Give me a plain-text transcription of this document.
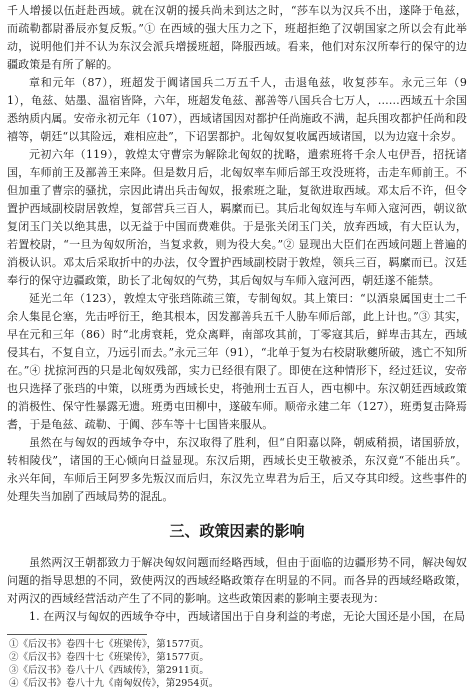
千人增援以伍赶赴西域。就在汉朝的援兵尚未到达之时，“莎车以为汉兵不出，遂降于龟兹，而疏勒都尉番辰亦复反叛。”① 在西域的强大压力之下，班超拒绝了汉朝国家之所以会有此举动，说明他们并不认为东汉会派兵增援班超，降服西域。看来，他们对东汉所奉行的保守的边疆政策是有所了解的。

章和元年（87），班超发于阗诸国兵二万五千人，击退龟兹，收复莎车。永元三年（91），龟兹、姑墨、温宿皆降，六年，班超发龟兹、鄯善等八国兵合七万人，……西域五十余国悉纳质内属。安帝永初元年（107），西域诸国因对都护任尚施政不满，起兵围攻都护任尚和段禧等，朝廷“以其险远，难相应赴”，下诏罢都护。北匈奴复收属西域诸国，以为边寇十余岁。

元初六年（119），敦煌太守曹宗为解除北匈奴的扰略，遣索班将千余人屯伊吾，招抚诸国，车师前王及鄯善王来降。但是数月后，北匈奴率车师后部王攻没班将，击走车师前王。不但加重了曹宗的骚扰，宗因此请出兵击匈奴，报索班之耻，复欲进取西域。邓太后不许，但令置护西域副校尉居敦煌，复部营兵三百人，羁縻而已。其后北匈奴连与车师入寇河西，朝议欲复闭玉门关以绝其患，以无益于中国而费难供。于是张关闭玉门关，放弃西域，有大臣认为，若置校尉，“一旦为匈奴所治，当复求救，则为役大矣。”② 显现出大臣们在西域问题上普遍的消极认识。邓太后采取折中的办法，仅令置护西域副校尉于敦煌，领兵三百，羁縻而已。汉廷奉行的保守边疆政策，助长了北匈奴的气势，其后匈奴与车师入寇河西，朝廷遂不能禁。

延光二年（123），敦煌太守张珰陈疏三策，专制匈奴。其上策曰：“以酒泉属国吏士二千余人集昆仑塞，先击呼衍王，绝其根本，因发鄯善兵五千人胁车师后部，此上计也。”③ 其实，早在元和三年（86）时“北虏衰耗，党众离畔，南部攻其前，丁零寇其后，鲜卑击其左，西域侵其右，不复自立，乃远引而去。”永元三年（91），“北单于复为右校尉耿夔所破，逃亡不知所在。”④ 扰掠河西的只是北匈奴残部，实力已经很有限了。即使在这种情形下，经过廷议，安帝也只选择了张珰的中策，以班勇为西域长史，将弛刑士五百人，西屯柳中。东汉朝廷西域政策的消极性、保守性暴露无遗。班勇屯田柳中，遂破车师。顺帝永建二年（127），班勇复击降焉耆，于是龟兹、疏勒、于阗、莎车等十七国皆来服从。

虽然在与匈奴的西域争夺中，东汉取得了胜利，但“自阳嘉以降，朝威稍损，诸国骄放，转相陵伐”，诸国的王心倾向日益显现。东汉后期，西域长史王敬被杀，东汉竟“不能出兵”。永兴年间，车师后王阿罗多先叛汉而后归，东汉先立卑君为后王，后又夺其印绶。这些事件的处理失当加剧了西域局势的混乱。

三、政策因素的影响

虽然两汉王朝都致力于解决匈奴问题而经略西域，但由于面临的边疆形势不同，解决匈奴问题的指导思想的不同，致使两汉的西域经略政策存在明显的不同。而各异的西域经略政策，对两汉的西域经营活动产生了不同的影响。这些政策因素的影响主要表现为：

1. 在两汉与匈奴的西域争夺中，西域诸国出于自身利益的考虑，无论大国还是小国，在局

①《后汉书》卷四十七《班梁传》，第1577页。

②《后汉书》卷四十七《班梁传》，第1577页。

③《后汉书》卷八十八《西域传》，第2911页。

④《后汉书》卷八十九《南匈奴传》，第2954页。
